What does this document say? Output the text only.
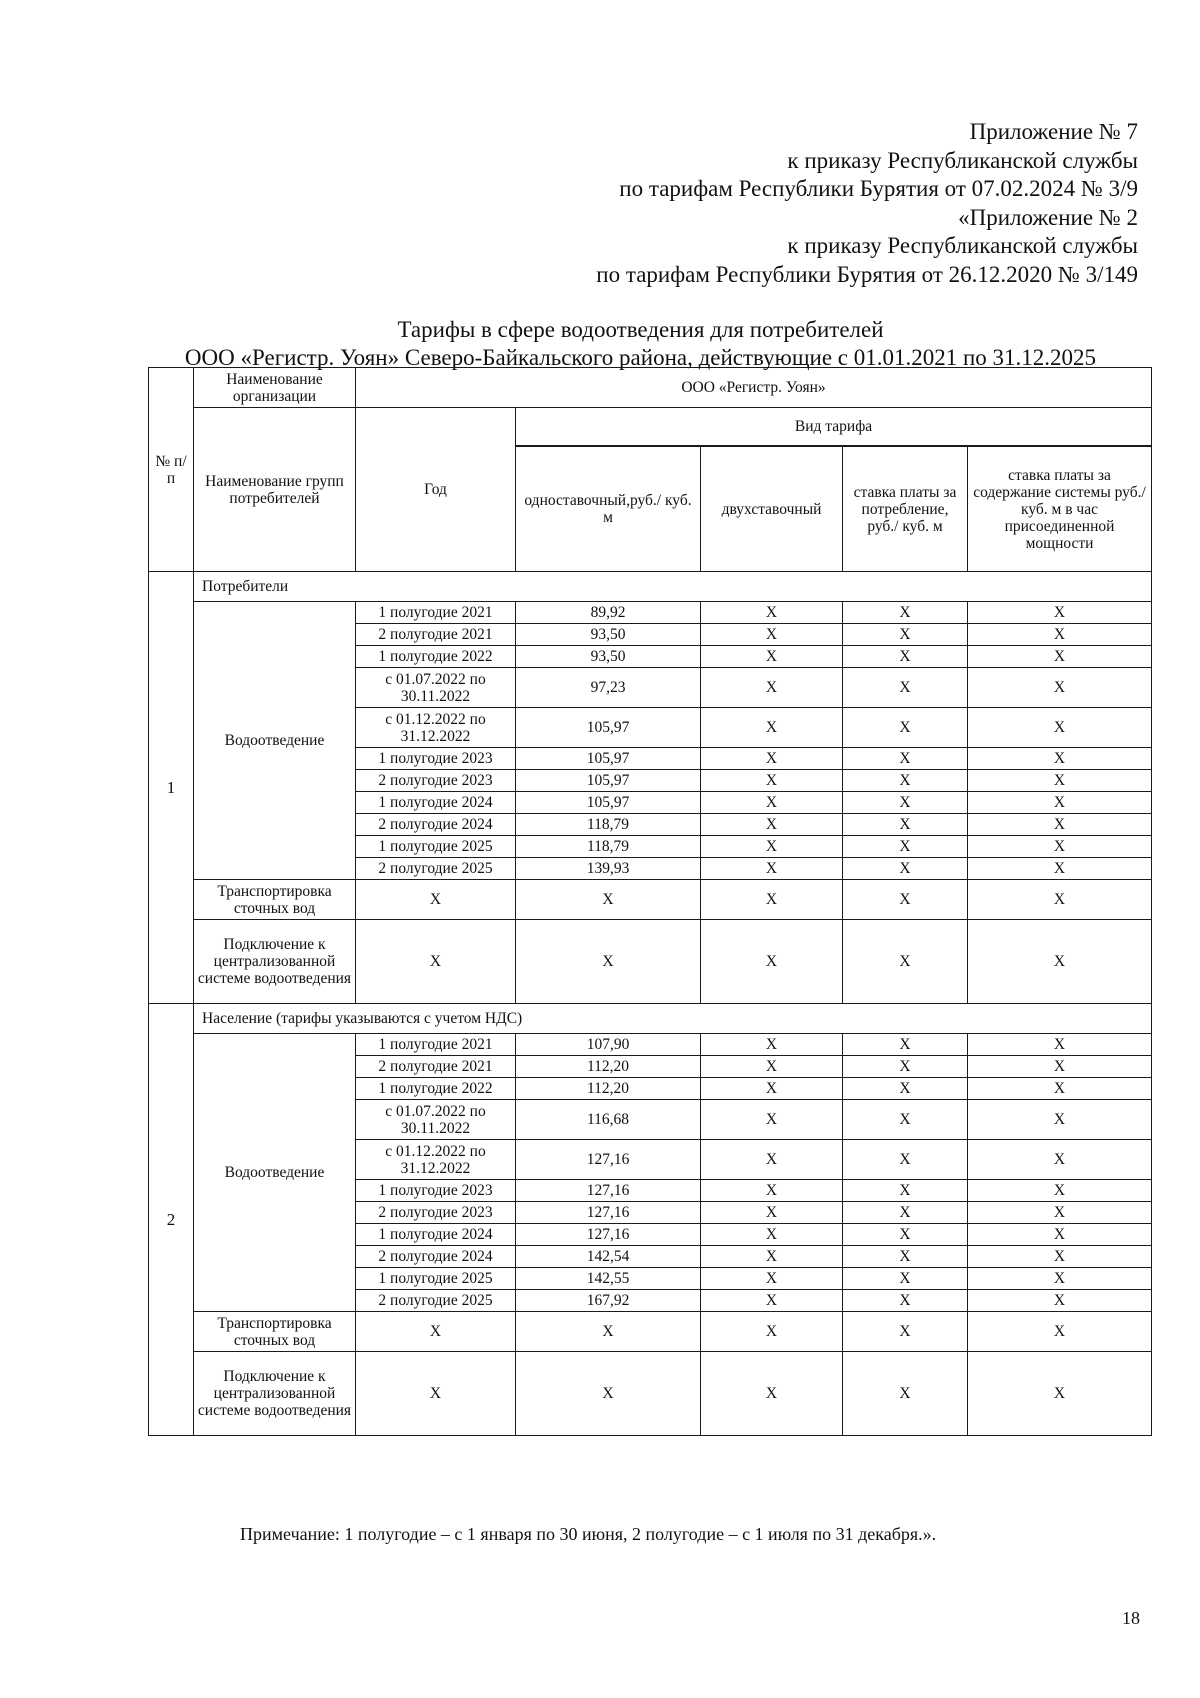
Приложение № 7
к приказу Республиканской службы
по тарифам Республики Бурятия от 07.02.2024 № 3/9
«Приложение № 2
к приказу Республиканской службы
по тарифам Республики Бурятия от 26.12.2020 № 3/149
Тарифы в сфере водоотведения для потребителей
ООО «Регистр. Уоян» Северо-Байкальского района, действующие с 01.01.2021 по 31.12.2025
№ п/п	Наименование организации	ООО «Регистр. Уоян»				
	Наименование групп потребителей	Год	Вид тарифа			

			одноставочный,руб./ куб. м	двухставочный	ставка платы за потребление, руб./ куб. м	ставка платы за содержание системы руб./куб. м в час присоединенной мощности
1	Потребители					
	Водоотведение	1 полугодие 2021	89,92	X	X	X
		2 полугодие 2021	93,50	X	X	X
		1 полугодие 2022	93,50	X	X	X
		с 01.07.2022 по 30.11.2022	97,23	X	X	X
		с 01.12.2022 по 31.12.2022	105,97	X	X	X
		1 полугодие 2023	105,97	X	X	X
		2 полугодие 2023	105,97	X	X	X
		1 полугодие 2024	105,97	X	X	X
		2 полугодие 2024	118,79	X	X	X
		1 полугодие 2025	118,79	X	X	X
		2 полугодие 2025	139,93	X	X	X
	Транспортировка сточных вод	X	X	X	X	X
	Подключение к централизованной системе водоотведения	X	X	X	X	X
2	Население (тарифы указываются с учетом НДС)					
	Водоотведение	1 полугодие 2021	107,90	X	X	X
		2 полугодие 2021	112,20	X	X	X
		1 полугодие 2022	112,20	X	X	X
		с 01.07.2022 по 30.11.2022	116,68	X	X	X
		с 01.12.2022 по 31.12.2022	127,16	X	X	X
		1 полугодие 2023	127,16	X	X	X
		2 полугодие 2023	127,16	X	X	X
		1 полугодие 2024	127,16	X	X	X
		2 полугодие 2024	142,54	X	X	X
		1 полугодие 2025	142,55	X	X	X
		2 полугодие 2025	167,92	X	X	X
	Транспортировка сточных вод	X	X	X	X	X
	Подключение к централизованной системе водоотведения	X	X	X	X	X
Примечание: 1 полугодие – с 1 января по 30 июня, 2 полугодие – с 1 июля по 31 декабря.».
18
